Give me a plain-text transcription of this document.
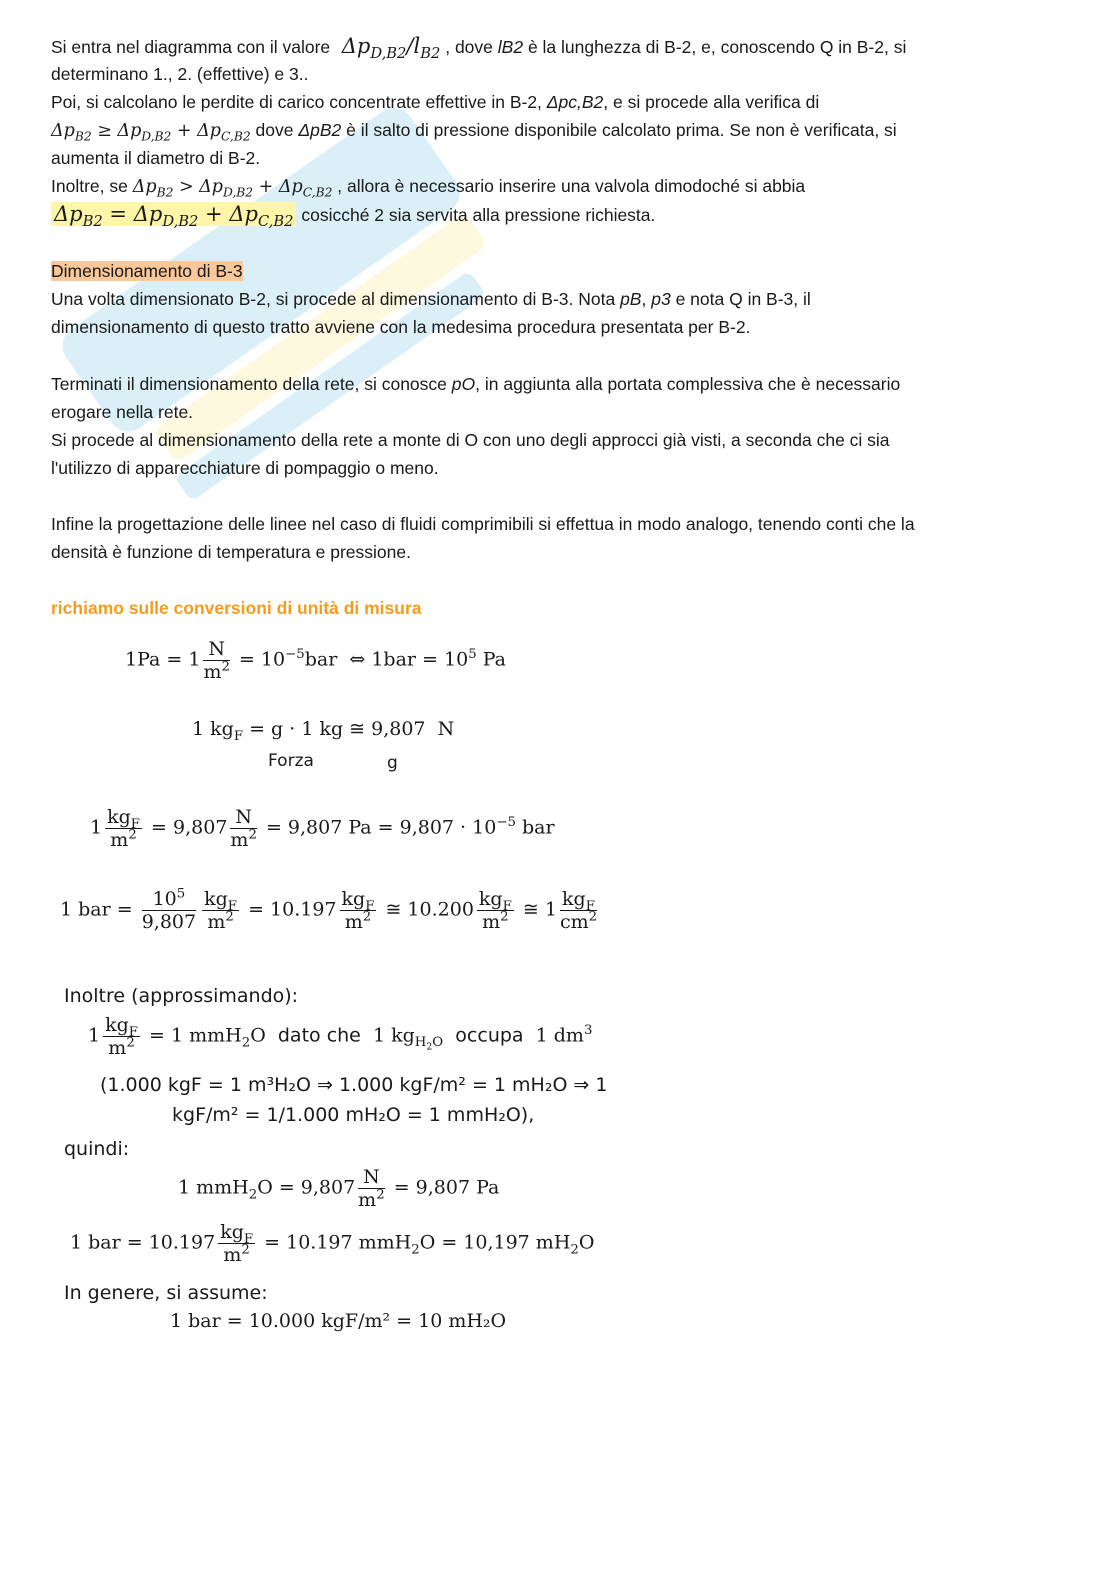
Si entra nel diagramma con il valore  $\Delta p_{D,B2}/l_{B2}$ , dove lB2 è la lunghezza di B-2, e, conoscendo Q in B-2, si
determinano 1., 2. (effettive) e 3..
Poi, si calcolano le perdite di carico concentrate effettive in B-2, Δpc,B2, e si procede alla verifica di
$\Delta p_{B2} \ge \Delta p_{D,B2} + \Delta p_{C,B2}$ dove ΔpB2 è il salto di pressione disponibile calcolato prima. Se non è verificata, si
aumenta il diametro di B-2.
Inoltre, se $\Delta p_{B2} > \Delta p_{D,B2} + \Delta p_{C,B2}$ , allora è necessario inserire una valvola dimodoché si abbia
$\Delta p_{B2} = \Delta p_{D,B2} + \Delta p_{C,B2}$ cosicché 2 sia servita alla pressione richiesta.
Dimensionamento di B-3
Una volta dimensionato B-2, si procede al dimensionamento di B-3. Nota pB, p3 e nota Q in B-3, il
dimensionamento di questo tratto avviene con la medesima procedura presentata per B-2.
Terminati il dimensionamento della rete, si conosce pO, in aggiunta alla portata complessiva che è necessario
erogare nella rete.
Si procede al dimensionamento della rete a monte di O con uno degli approcci già visti, a seconda che ci sia
l'utilizzo di apparecchiature di pompaggio o meno.
Infine la progettazione delle linee nel caso di fluidi comprimibili si effettua in modo analogo, tenendo conti che la
densità è funzione di temperatura e pressione.
richiamo sulle conversioni di unità di misura
$1Pa = 1 \frac{N}{m^2} = 10^{-5}bar$  ⇔ $1bar = 10^5$ Pa
1 $kg_F = g \cdot 1$ kg ≅ 9,807  N
Forza	g
$1 \frac{kg_F}{m^2} = 9,807 \frac{N}{m^2} = 9,807$ $Pa = 9,807 \cdot 10^{-5}$ bar
1 bar = $\frac{10^5}{9,807} \frac{kg_F}{m^2} = 10.197 \frac{kg_F}{m^2}$ ≅ $10.200 \frac{kg_F}{m^2}$ ≅ $1 \frac{kg_F}{cm^2}$
Inoltre (approssimando):
$1 \frac{kg_F}{m^2} = 1$ mmH$_2$O  dato che  1 $kg_{H_2O}$ occupa  1 $dm^3$
(1.000 kgF = 1 m³H₂O ⇒ 1.000 kgF/m² = 1 mH₂O ⇒ 1
kgF/m² = 1/1.000 mH₂O = 1 mmH₂O),
quindi:
1 $mmH_2O = 9,807 \frac{N}{m^2} = 9,807$ Pa
1 bar = $10.197 \frac{kg_F}{m^2} = 10.197$ mmH$_2$O = 10,197 $mH_2O$
In genere, si assume:
1 bar = 10.000 kgF/m² = 10 mH₂O
